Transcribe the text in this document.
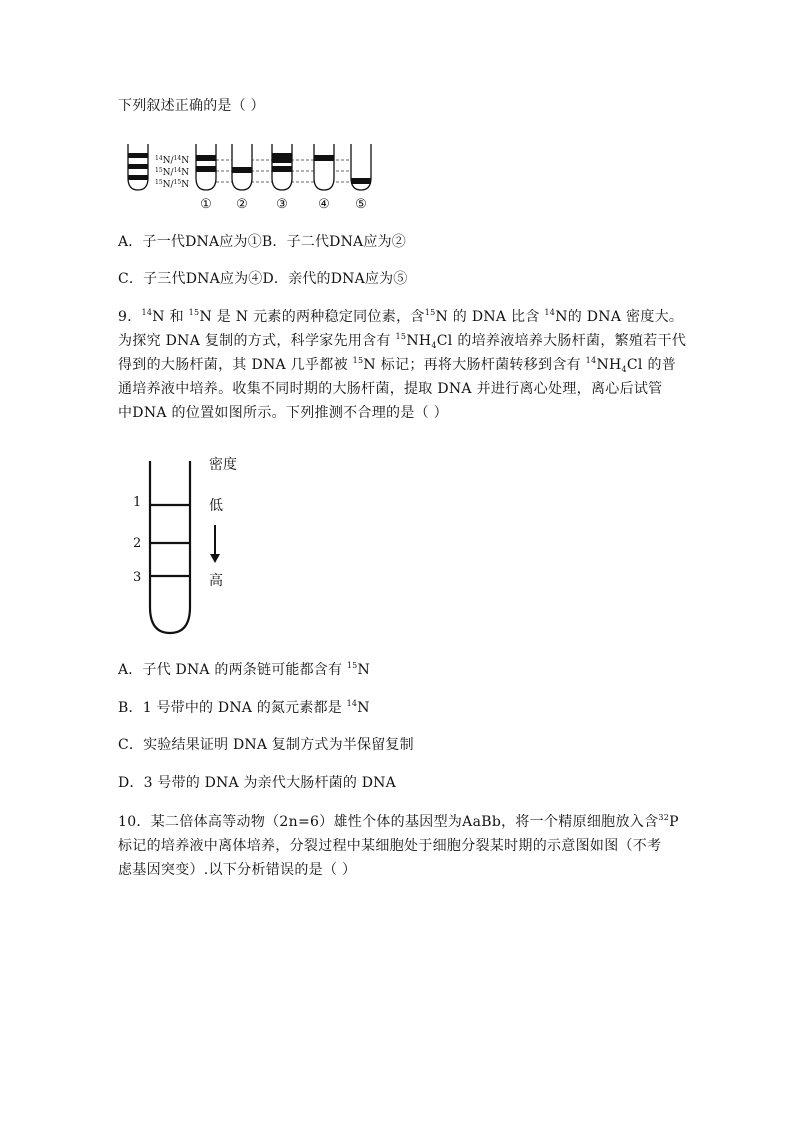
下列叙述正确的是（ ）
$^{14}$N/$^{14}$N
$^{15}$N/$^{14}$N
$^{15}$N/$^{15}$N
① ② ③ ④ ⑤
A．子一代DNA应为①B．子二代DNA应为②
C．子三代DNA应为④D．亲代的DNA应为⑤
9．$^{14}$N 和 $^{15}$N 是 N 元素的两种稳定同位素，含$^{15}$N 的 DNA 比含 $^{14}$N的 DNA 密度大。
为探究 DNA 复制的方式，科学家先用含有 $^{15}NH_4Cl$ 的培养液培养大肠杆菌，繁殖若干代
得到的大肠杆菌，其 DNA 几乎都被 $^{15}$N 标记；再将大肠杆菌转移到含有 $^{14}NH_4Cl$ 的普
通培养液中培养。收集不同时期的大肠杆菌，提取 DNA 并进行离心处理，离心后试管
中DNA 的位置如图所示。下列推测不合理的是（ ）
1
2
3
密度
低
高
A．子代 DNA 的两条链可能都含有 $^{15}$N
B．1 号带中的 DNA 的氮元素都是 $^{14}$N
C．实验结果证明 DNA 复制方式为半保留复制
D．3 号带的 DNA 为亲代大肠杆菌的 DNA
10．某二倍体高等动物（2n=6）雄性个体的基因型为AaBb，将一个精原细胞放入含$^{32}$P
标记的培养液中离体培养，分裂过程中某细胞处于细胞分裂某时期的示意图如图（不考
虑基因突变）.以下分析错误的是（ ）
